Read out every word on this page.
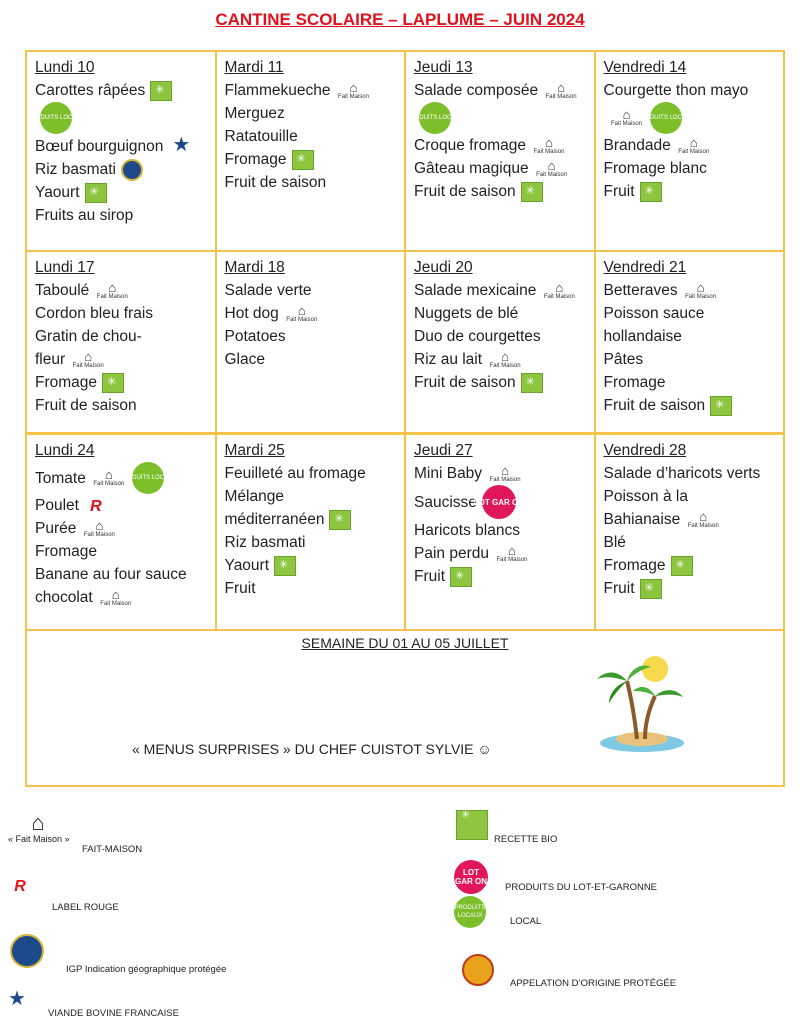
CANTINE SCOLAIRE – LAPLUME – JUIN 2024
Lundi 10
Carottes râpées
✳
PRODUITS LOCAUX
Bœuf bourguignon ★
Riz basmati
Yaourt
✳
Fruits au sirop
Mardi 11
Flammekueche	⌂
Fait Maison
Merguez
Ratatouille
Fromage
✳
Fruit de saison
Jeudi 13
Salade composée	⌂
Fait Maison
PRODUITS LOCAUX
Croque fromage	⌂
Fait Maison
Gâteau magique	⌂
Fait Maison
Fruit de saison
✳
Vendredi 14
Courgette thon mayo
⌂
Fait Maison
PRODUITS LOCAUX
Brandade	⌂
Fait Maison
Fromage blanc
Fruit
✳
Lundi 17
Taboulé	⌂
Fait Maison
Cordon bleu frais
Gratin de chou-
fleur	⌂
Fait Maison
Fromage
✳
Fruit de saison
Mardi 18
Salade verte
Hot dog	⌂
Fait Maison
Potatoes
Glace
Jeudi 20
Salade mexicaine	⌂
Fait Maison
Nuggets de blé
Duo de courgettes
Riz au lait	⌂
Fait Maison
Fruit de saison
✳
Vendredi 21
Betteraves	⌂
Fait Maison
Poisson sauce
hollandaise
Pâtes
Fromage
Fruit de saison
✳
Lundi 24
Tomate	⌂
Fait Maison
PRODUITS LOCAUX
Poulet R
Purée	⌂
Fait Maison
Fromage
Banane au four sauce
chocolat	⌂
Fait Maison
Mardi 25
Feuilleté au fromage
Mélange
méditerranéen
✳
Riz basmati
Yaourt
✳
Fruit
Jeudi 27
Mini Baby	⌂
Fait Maison
Saucisse
LOT GAR ON
Haricots blancs
Pain perdu	⌂
Fait Maison
Fruit
✳
Vendredi 28
Salade d’haricots verts
Poisson à la
Bahianaise	⌂
Fait Maison
Blé
Fromage
✳
Fruit
✳
SEMAINE DU 01 AU 05 JUILLET
« MENUS SURPRISES » DU CHEF CUISTOT SYLVIE ☺
⌂
« Fait Maison »
FAIT-MAISON
R
LABEL ROUGE
IGP Indication géographique protégée
★
VIANDE BOVINE FRANCAISE
✳
RECETTE BIO
LOT GAR ON
PRODUITS DU LOT-ET-GARONNE
PRODUITS LOCAUX	LOCAL
APPELATION D’ORIGINE PROTÉGÉE
